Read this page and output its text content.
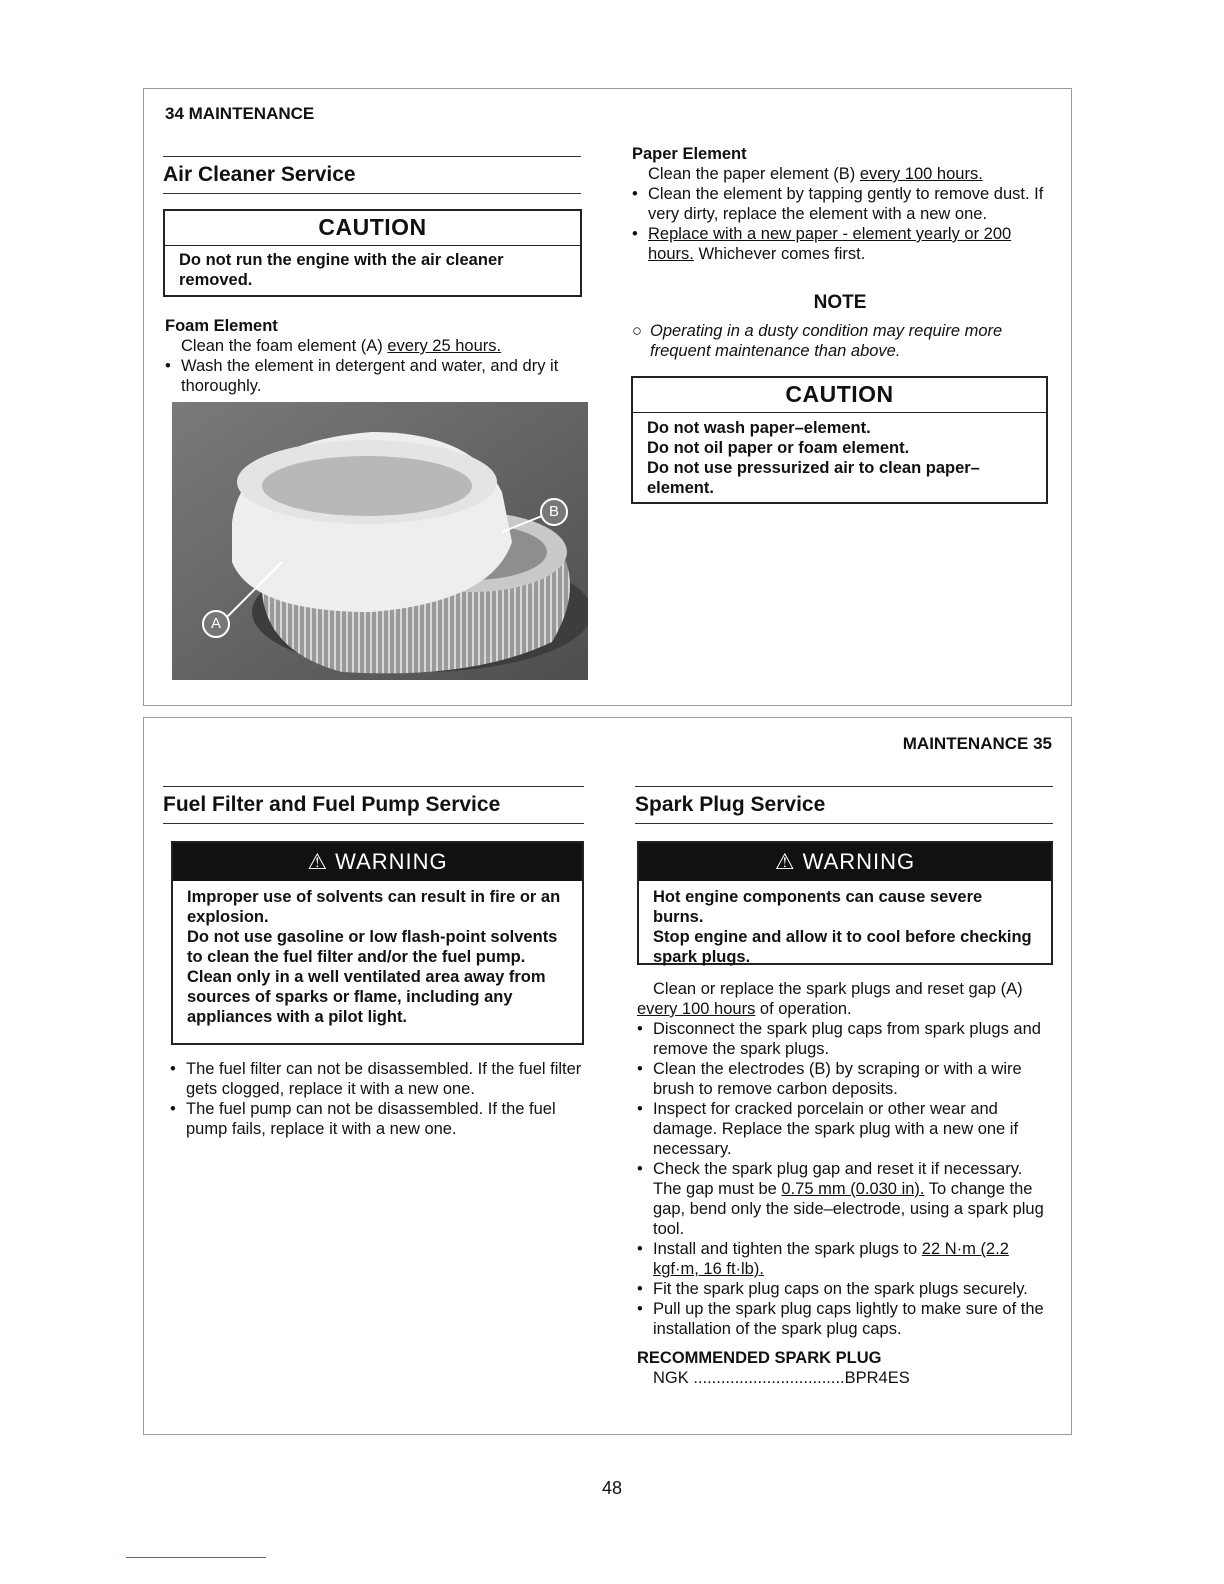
34 MAINTENANCE
Air Cleaner Service
CAUTION
Do not run the engine with the air cleaner removed.
Foam Element
Clean the foam element (A) every 25 hours.
• Wash the element in detergent and water, and dry it thoroughly.
A
B
Paper Element
Clean the paper element (B) every 100 hours.
• Clean the element by tapping gently to remove dust. If very dirty, replace the element with a new one.
• Replace with a new paper - element yearly or 200 hours. Whichever comes first.
NOTE
○ Operating in a dusty condition may require more frequent maintenance than above.
CAUTION
Do not wash paper–element.
Do not oil paper or foam element.
Do not use pressurized air to clean paper–element.
MAINTENANCE 35
Fuel Filter and Fuel Pump Service
⚠ WARNING
Improper use of solvents can result in fire or an explosion.
Do not use gasoline or low flash-point solvents to clean the fuel filter and/or the fuel pump.
Clean only in a well ventilated area away from sources of sparks or flame, including any appliances with a pilot light.
• The fuel filter can not be disassembled. If the fuel filter gets clogged, replace it with a new one.
• The fuel pump can not be disassembled. If the fuel pump fails, replace it with a new one.
Spark Plug Service
⚠ WARNING
Hot engine components can cause severe burns.
Stop engine and allow it to cool before checking spark plugs.
Clean or replace the spark plugs and reset gap (A) every 100 hours of operation.
• Disconnect the spark plug caps from spark plugs and remove the spark plugs.
• Clean the electrodes (B) by scraping or with a wire brush to remove carbon deposits.
• Inspect for cracked porcelain or other wear and damage. Replace the spark plug with a new one if necessary.
• Check the spark plug gap and reset it if necessary. The gap must be 0.75 mm (0.030 in). To change the gap, bend only the side–electrode, using a spark plug tool.
• Install and tighten the spark plugs to 22 N·m (2.2 kgf·m, 16 ft·lb).
• Fit the spark plug caps on the spark plugs securely.
• Pull up the spark plug caps lightly to make sure of the installation of the spark plug caps.
RECOMMENDED SPARK PLUG
NGK .................................BPR4ES
48
